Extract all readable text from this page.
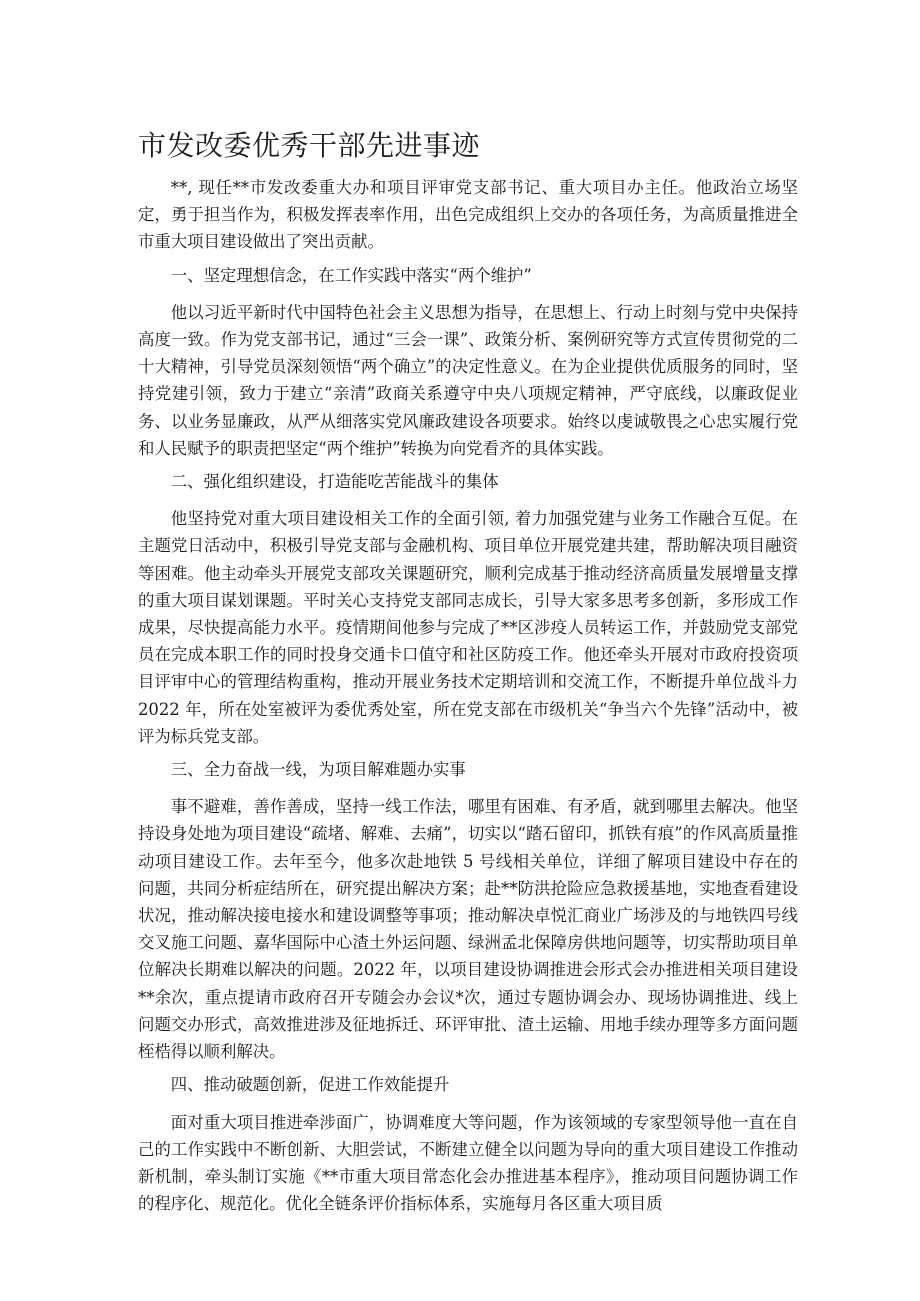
市发改委优秀干部先进事迹

**, 现任**市发改委重大办和项目评审党支部书记、重大项目办主任。他政治立场坚定，勇于担当作为，积极发挥表率作用，出色完成组织上交办的各项任务，为高质量推进全市重大项目建设做出了突出贡献。

一、坚定理想信念，在工作实践中落实“两个维护”

他以习近平新时代中国特色社会主义思想为指导，在思想上、行动上时刻与党中央保持高度一致。作为党支部书记，通过“三会一课”、政策分析、案例研究等方式宣传贯彻党的二十大精神，引导党员深刻领悟“两个确立”的决定性意义。在为企业提供优质服务的同时，坚持党建引领，致力于建立“亲清”政商关系遵守中央八项规定精神，严守底线，以廉政促业务、以业务显廉政，从严从细落实党风廉政建设各项要求。始终以虔诚敬畏之心忠实履行党和人民赋予的职责把坚定“两个维护”转换为向党看齐的具体实践。

二、强化组织建设，打造能吃苦能战斗的集体

他坚持党对重大项目建设相关工作的全面引领, 着力加强党建与业务工作融合互促。在主题党日活动中，积极引导党支部与金融机构、项目单位开展党建共建，帮助解决项目融资等困难。他主动牵头开展党支部攻关课题研究，顺利完成基于推动经济高质量发展增量支撑的重大项目谋划课题。平时关心支持党支部同志成长，引导大家多思考多创新，多形成工作成果，尽快提高能力水平。疫情期间他参与完成了**区涉疫人员转运工作，并鼓励党支部党员在完成本职工作的同时投身交通卡口值守和社区防疫工作。他还牵头开展对市政府投资项目评审中心的管理结构重构，推动开展业务技术定期培训和交流工作，不断提升单位战斗力 2022 年，所在处室被评为委优秀处室，所在党支部在市级机关“争当六个先锋”活动中，被评为标兵党支部。

三、全力奋战一线，为项目解难题办实事

事不避难，善作善成，坚持一线工作法，哪里有困难、有矛盾，就到哪里去解决。他坚持设身处地为项目建设“疏堵、解难、去痛”，切实以“踏石留印，抓铁有痕”的作风高质量推动项目建设工作。去年至今，他多次赴地铁 5 号线相关单位，详细了解项目建设中存在的问题，共同分析症结所在，研究提出解决方案；赴**防洪抢险应急救援基地，实地查看建设状况，推动解决接电接水和建设调整等事项；推动解决卓悦汇商业广场涉及的与地铁四号线交叉施工问题、嘉华国际中心渣土外运问题、绿洲孟北保障房供地问题等，切实帮助项目单位解决长期难以解决的问题。2022 年，以项目建设协调推进会形式会办推进相关项目建设**余次，重点提请市政府召开专随会办会议*次，通过专题协调会办、现场协调推进、线上问题交办形式，高效推进涉及征地拆迁、环评审批、渣土运输、用地手续办理等多方面问题桎梏得以顺利解决。

四、推动破题创新，促进工作效能提升

面对重大项目推进牵涉面广，协调难度大等问题，作为该领域的专家型领导他一直在自己的工作实践中不断创新、大胆尝试，不断建立健全以问题为导向的重大项目建设工作推动新机制，牵头制订实施《**市重大项目常态化会办推进基本程序》，推动项目问题协调工作的程序化、规范化。优化全链条评价指标体系，实施每月各区重大项目质
